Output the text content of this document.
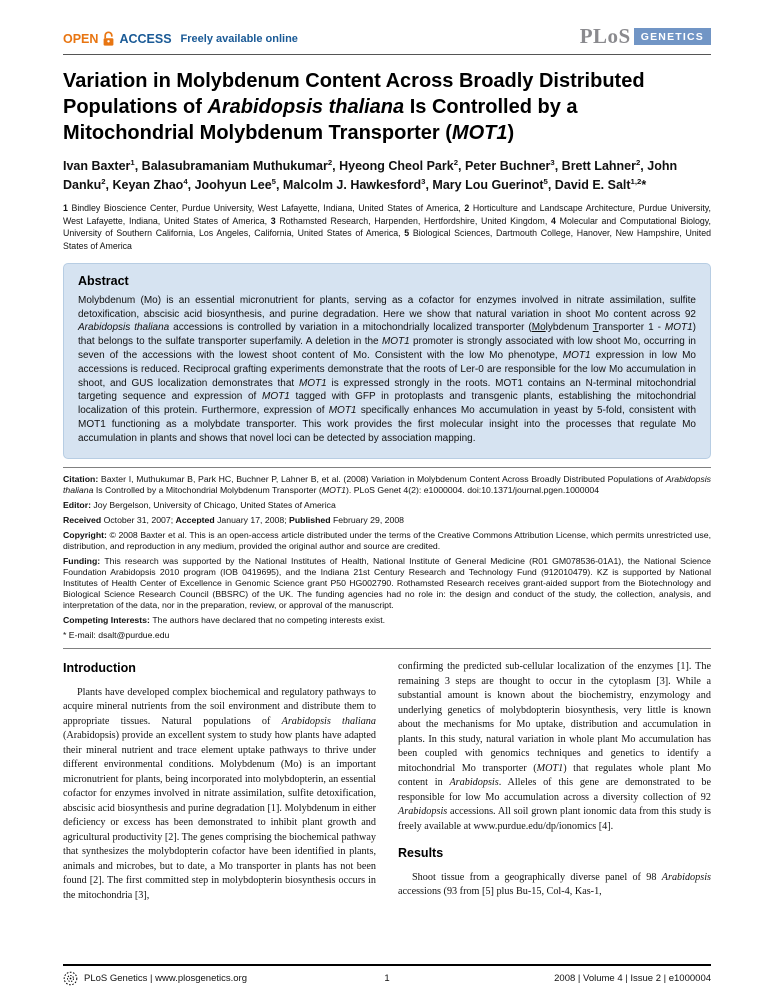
OPEN ACCESS Freely available online	PLoS GENETICS
Variation in Molybdenum Content Across Broadly Distributed Populations of Arabidopsis thaliana Is Controlled by a Mitochondrial Molybdenum Transporter (MOT1)

Ivan Baxter$^1$, Balasubramaniam Muthukumar$^2$, Hyeong Cheol Park$^2$, Peter Buchner$^3$, Brett Lahner$^2$, John Danku$^2$, Keyan Zhao$^4$, Joohyun Lee$^5$, Malcolm J. Hawkesford$^3$, Mary Lou Guerinot$^5$, David E. Salt$^{1,2}$*

1 Bindley Bioscience Center, Purdue University, West Lafayette, Indiana, United States of America, 2 Horticulture and Landscape Architecture, Purdue University, West Lafayette, Indiana, United States of America, 3 Rothamsted Research, Harpenden, Hertfordshire, United Kingdom, 4 Molecular and Computational Biology, University of Southern California, Los Angeles, California, United States of America, 5 Biological Sciences, Dartmouth College, Hanover, New Hampshire, United States of America

Abstract

Molybdenum (Mo) is an essential micronutrient for plants, serving as a cofactor for enzymes involved in nitrate assimilation, sulfite detoxification, abscisic acid biosynthesis, and purine degradation. Here we show that natural variation in shoot Mo content across 92 Arabidopsis thaliana accessions is controlled by variation in a mitochondrially localized transporter (Molybdenum Transporter 1 - MOT1) that belongs to the sulfate transporter superfamily. A deletion in the MOT1 promoter is strongly associated with low shoot Mo, occurring in seven of the accessions with the lowest shoot content of Mo. Consistent with the low Mo phenotype, MOT1 expression in low Mo accessions is reduced. Reciprocal grafting experiments demonstrate that the roots of Ler-0 are responsible for the low Mo accumulation in shoot, and GUS localization demonstrates that MOT1 is expressed strongly in the roots. MOT1 contains an N-terminal mitochondrial targeting sequence and expression of MOT1 tagged with GFP in protoplasts and transgenic plants, establishing the mitochondrial localization of this protein. Furthermore, expression of MOT1 specifically enhances Mo accumulation in yeast by 5-fold, consistent with MOT1 functioning as a molybdate transporter. This work provides the first molecular insight into the processes that regulate Mo accumulation in plants and shows that novel loci can be detected by association mapping.

Citation: Baxter I, Muthukumar B, Park HC, Buchner P, Lahner B, et al. (2008) Variation in Molybdenum Content Across Broadly Distributed Populations of Arabidopsis thaliana Is Controlled by a Mitochondrial Molybdenum Transporter (MOT1). PLoS Genet 4(2): e1000004. doi:10.1371/journal.pgen.1000004

Editor: Joy Bergelson, University of Chicago, United States of America

Received October 31, 2007; Accepted January 17, 2008; Published February 29, 2008

Copyright: © 2008 Baxter et al. This is an open-access article distributed under the terms of the Creative Commons Attribution License, which permits unrestricted use, distribution, and reproduction in any medium, provided the original author and source are credited.

Funding: This research was supported by the National Institutes of Health, National Institute of General Medicine (R01 GM078536-01A1), the National Science Foundation Arabidopsis 2010 program (IOB 0419695), and the Indiana 21st Century Research and Technology Fund (912010479). KZ is supported by National Institutes of Health Center of Excellence in Genomic Science grant P50 HG002790. Rothamsted Research receives grant-aided support from the Biotechnology and Biological Science Research Council (BBSRC) of the UK. The funding agencies had no role in: the design and conduct of the study, the collection, analysis, and interpretation of the data, nor in the preparation, review, or approval of the manuscript.

Competing Interests: The authors have declared that no competing interests exist.

* E-mail: dsalt@purdue.edu

Introduction

Plants have developed complex biochemical and regulatory pathways to acquire mineral nutrients from the soil environment and distribute them to appropriate tissues. Natural populations of Arabidopsis thaliana (Arabidopsis) provide an excellent system to study how plants have adapted their mineral nutrient and trace element uptake pathways to thrive under different environmental conditions. Molybdenum (Mo) is an important micronutrient for plants, being incorporated into molybdopterin, an essential cofactor for enzymes involved in nitrate assimilation, sulfite detoxification, abscisic acid biosynthesis and purine degradation [1]. Molybdenum in either deficiency or excess has been demonstrated to inhibit plant growth and agricultural productivity [2]. The genes comprising the biochemical pathway that synthesizes the molybdopterin cofactor have been identified in plants, animals and microbes, but to date, a Mo transporter in plants has not been found [2]. The first committed step in molybdopterin biosynthesis occurs in the mitochondria [3],

confirming the predicted sub-cellular localization of the enzymes [1]. The remaining 3 steps are thought to occur in the cytoplasm [3]. While a substantial amount is known about the biochemistry, enzymology and underlying genetics of molybdopterin biosynthesis, very little is known about the mechanisms for Mo uptake, distribution and accumulation in plants. In this study, natural variation in whole plant Mo accumulation has been coupled with genomics techniques and genetics to identify a mitochondrial Mo transporter (MOT1) that regulates whole plant Mo content in Arabidopsis. Alleles of this gene are demonstrated to be responsible for low Mo accumulation across a diversity collection of 92 Arabidopsis accessions. All soil grown plant ionomic data from this study is freely available at www.purdue.edu/dp/ionomics [4].

Results

Shoot tissue from a geographically diverse panel of 98 Arabidopsis accessions (93 from [5] plus Bu-15, Col-4, Kas-1,

PLoS Genetics | www.plosgenetics.org	1	2008 | Volume 4 | Issue 2 | e1000004
